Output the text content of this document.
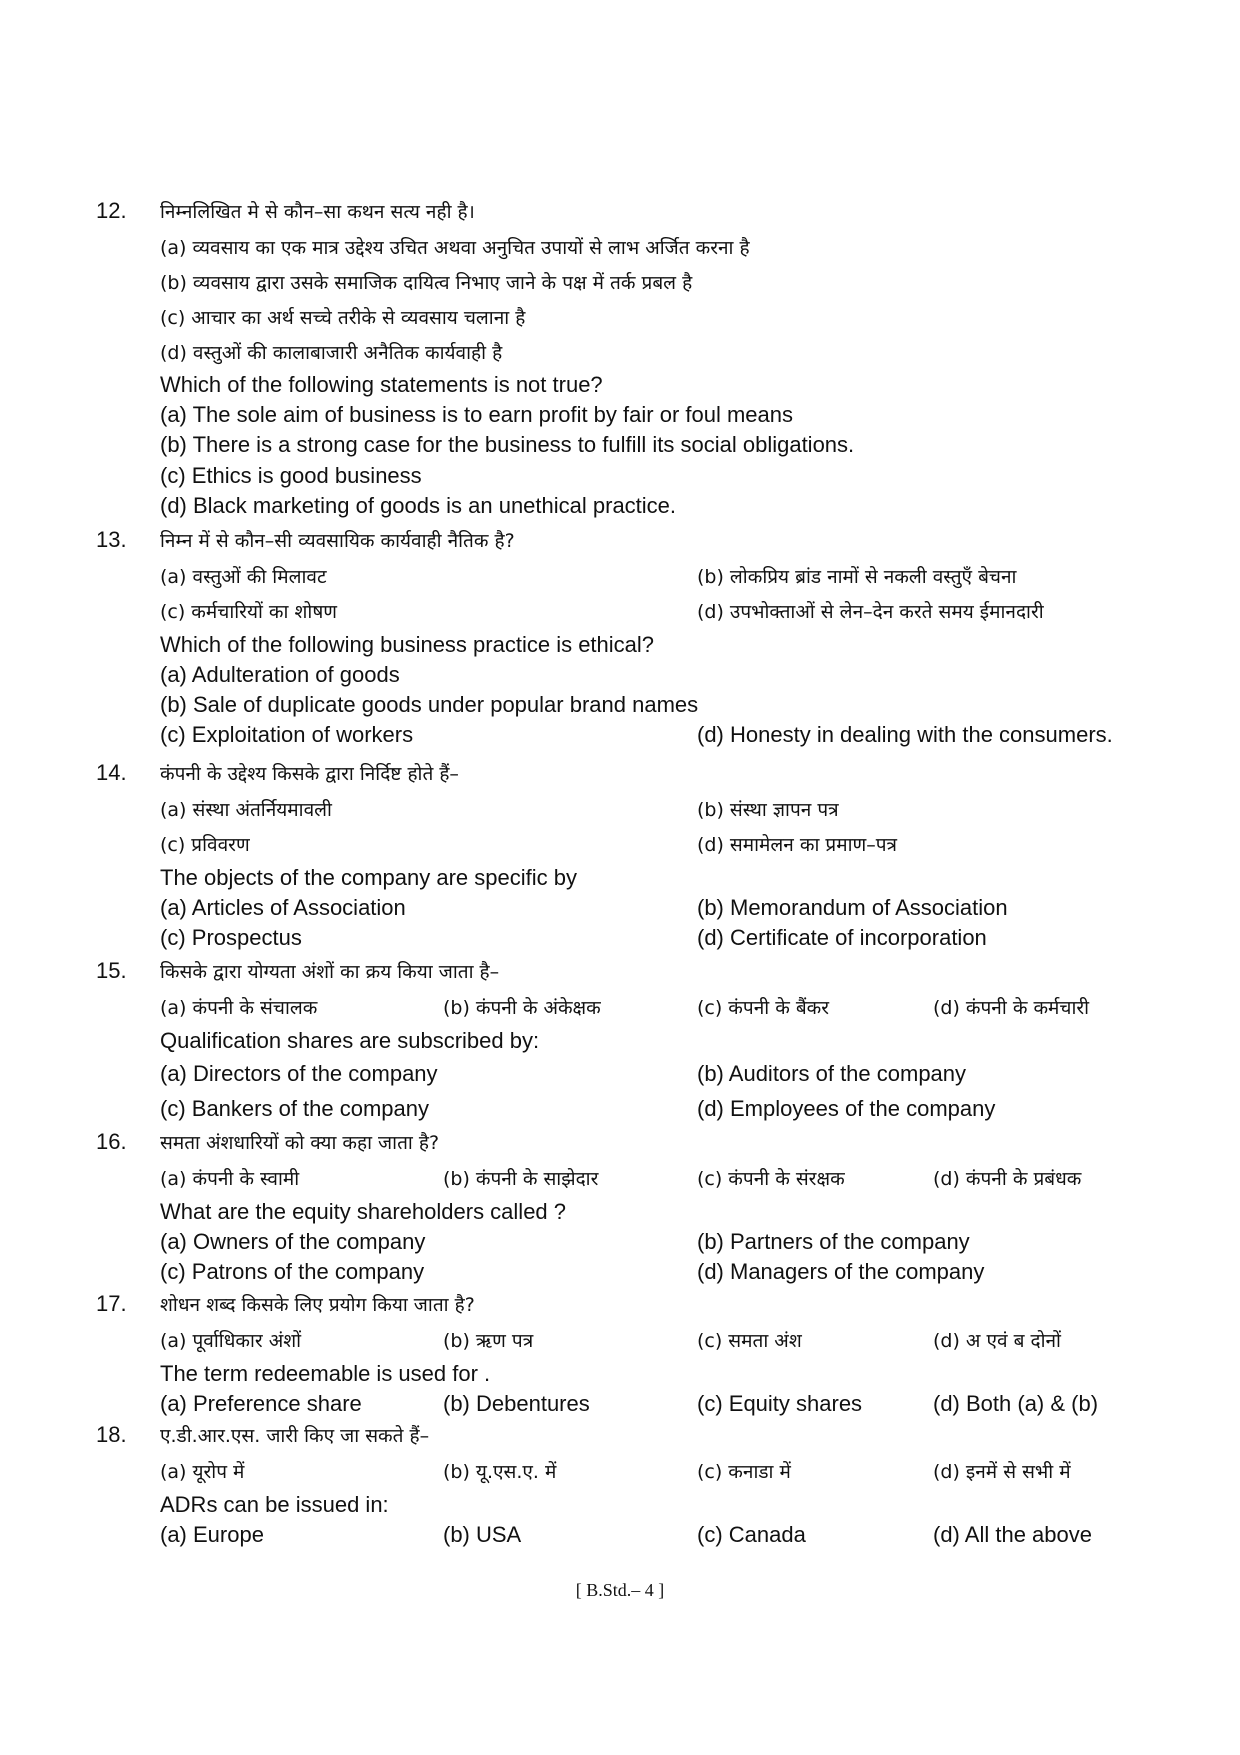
12. निम्नलिखित मे से कौन–सा कथन सत्य नही है।
(a) व्यवसाय का एक मात्र उद्देश्य उचित अथवा अनुचित उपायों से लाभ अर्जित करना है
(b) व्यवसाय द्वारा उसके समाजिक दायित्व निभाए जाने के पक्ष में तर्क प्रबल है
(c) आचार का अर्थ सच्चे तरीके से व्यवसाय चलाना है
(d) वस्तुओं की कालाबाजारी अनैतिक कार्यवाही है
Which of the following statements is not true?
(a) The sole aim of business is to earn profit by fair or foul means
(b) There is a strong case for the business to fulfill its social obligations.
(c) Ethics is good business
(d) Black marketing of goods is an unethical practice.
13. निम्न में से कौन–सी व्यवसायिक कार्यवाही नैतिक है?
(a) वस्तुओं की मिलावट	(b) लोकप्रिय ब्रांड नामों से नकली वस्तुएँ बेचना
(c) कर्मचारियों का शोषण	(d) उपभोक्ताओं से लेन–देन करते समय ईमानदारी
Which of the following business practice is ethical?
(a) Adulteration of goods
(b) Sale of duplicate goods under popular brand names
(c) Exploitation of workers	(d) Honesty in dealing with the consumers.
14. कंपनी के उद्देश्य किसके द्वारा निर्दिष्ट होते हैं–
(a) संस्था अंतर्नियमावली	(b) संस्था ज्ञापन पत्र
(c) प्रविवरण	(d) समामेलन का प्रमाण–पत्र
The objects of the company are specific by
(a) Articles of Association	(b) Memorandum of Association
(c) Prospectus	(d) Certificate of incorporation
15. किसके द्वारा योग्यता अंशों का क्रय किया जाता है–
(a) कंपनी के संचालक	(b) कंपनी के अंकेक्षक	(c) कंपनी के बैंकर	(d) कंपनी के कर्मचारी
Qualification shares are subscribed by:
(a) Directors of the company	(b) Auditors of the company
(c) Bankers of the company	(d) Employees of the company
16. समता अंशधारियों को क्या कहा जाता है?
(a) कंपनी के स्वामी	(b) कंपनी के साझेदार	(c) कंपनी के संरक्षक	(d) कंपनी के प्रबंधक
What are the equity shareholders called ?
(a) Owners of the company	(b) Partners of the company
(c) Patrons of the company	(d) Managers of the company
17. शोधन शब्द किसके लिए प्रयोग किया जाता है?
(a) पूर्वाधिकार अंशों	(b) ऋण पत्र	(c) समता अंश	(d) अ एवं ब दोनों
The term redeemable is used for .
(a) Preference share	(b) Debentures	(c) Equity shares	(d) Both (a) & (b)
18. ए.डी.आर.एस. जारी किए जा सकते हैं–
(a) यूरोप में	(b) यू.एस.ए. में	(c) कनाडा में	(d) इनमें से सभी में
ADRs can be issued in:
(a) Europe	(b) USA	(c) Canada	(d) All the above
[ B.Std.– 4 ]
